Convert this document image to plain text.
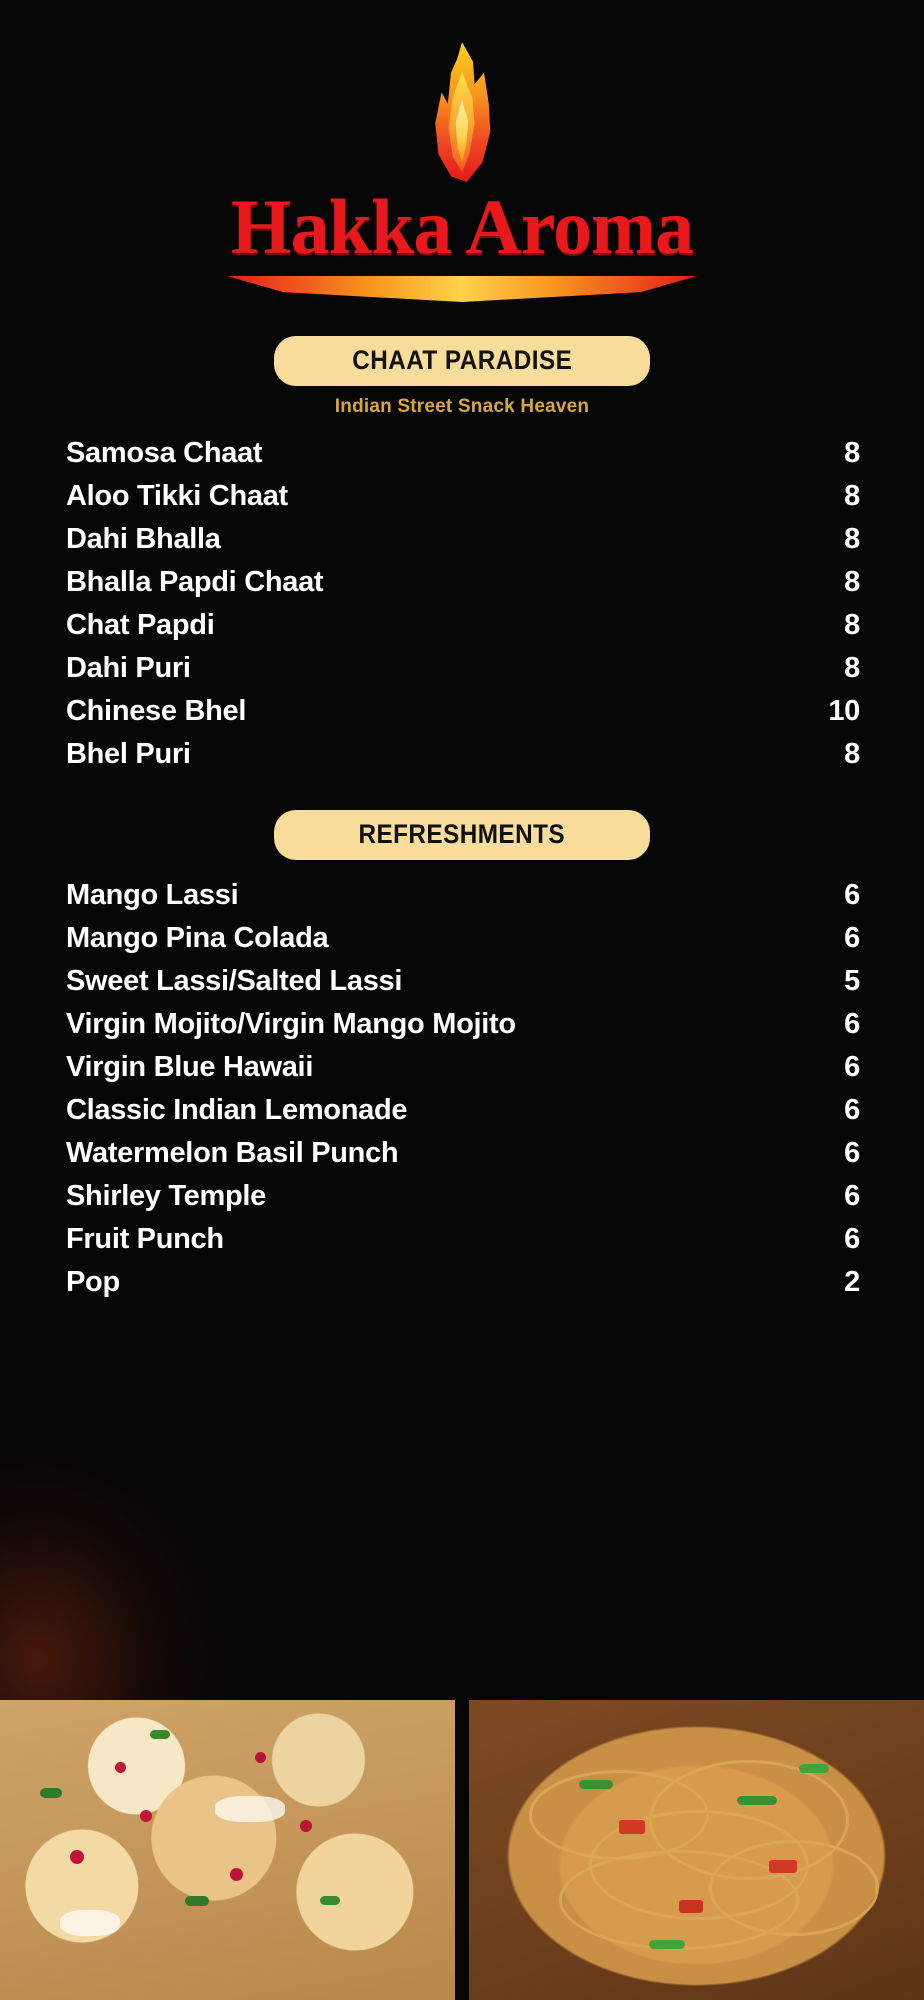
Hakka Aroma
CHAAT PARADISE
Indian Street Snack Heaven
Samosa Chaat	8
Aloo Tikki Chaat	8
Dahi Bhalla	8
Bhalla Papdi Chaat	8
Chat Papdi	8
Dahi Puri	8
Chinese Bhel	10
Bhel Puri	8
REFRESHMENTS
Mango Lassi	6
Mango Pina Colada	6
Sweet Lassi/Salted Lassi	5
Virgin Mojito/Virgin Mango Mojito	6
Virgin Blue Hawaii	6
Classic Indian Lemonade	6
Watermelon Basil Punch	6
Shirley Temple	6
Fruit Punch	6
Pop	2
